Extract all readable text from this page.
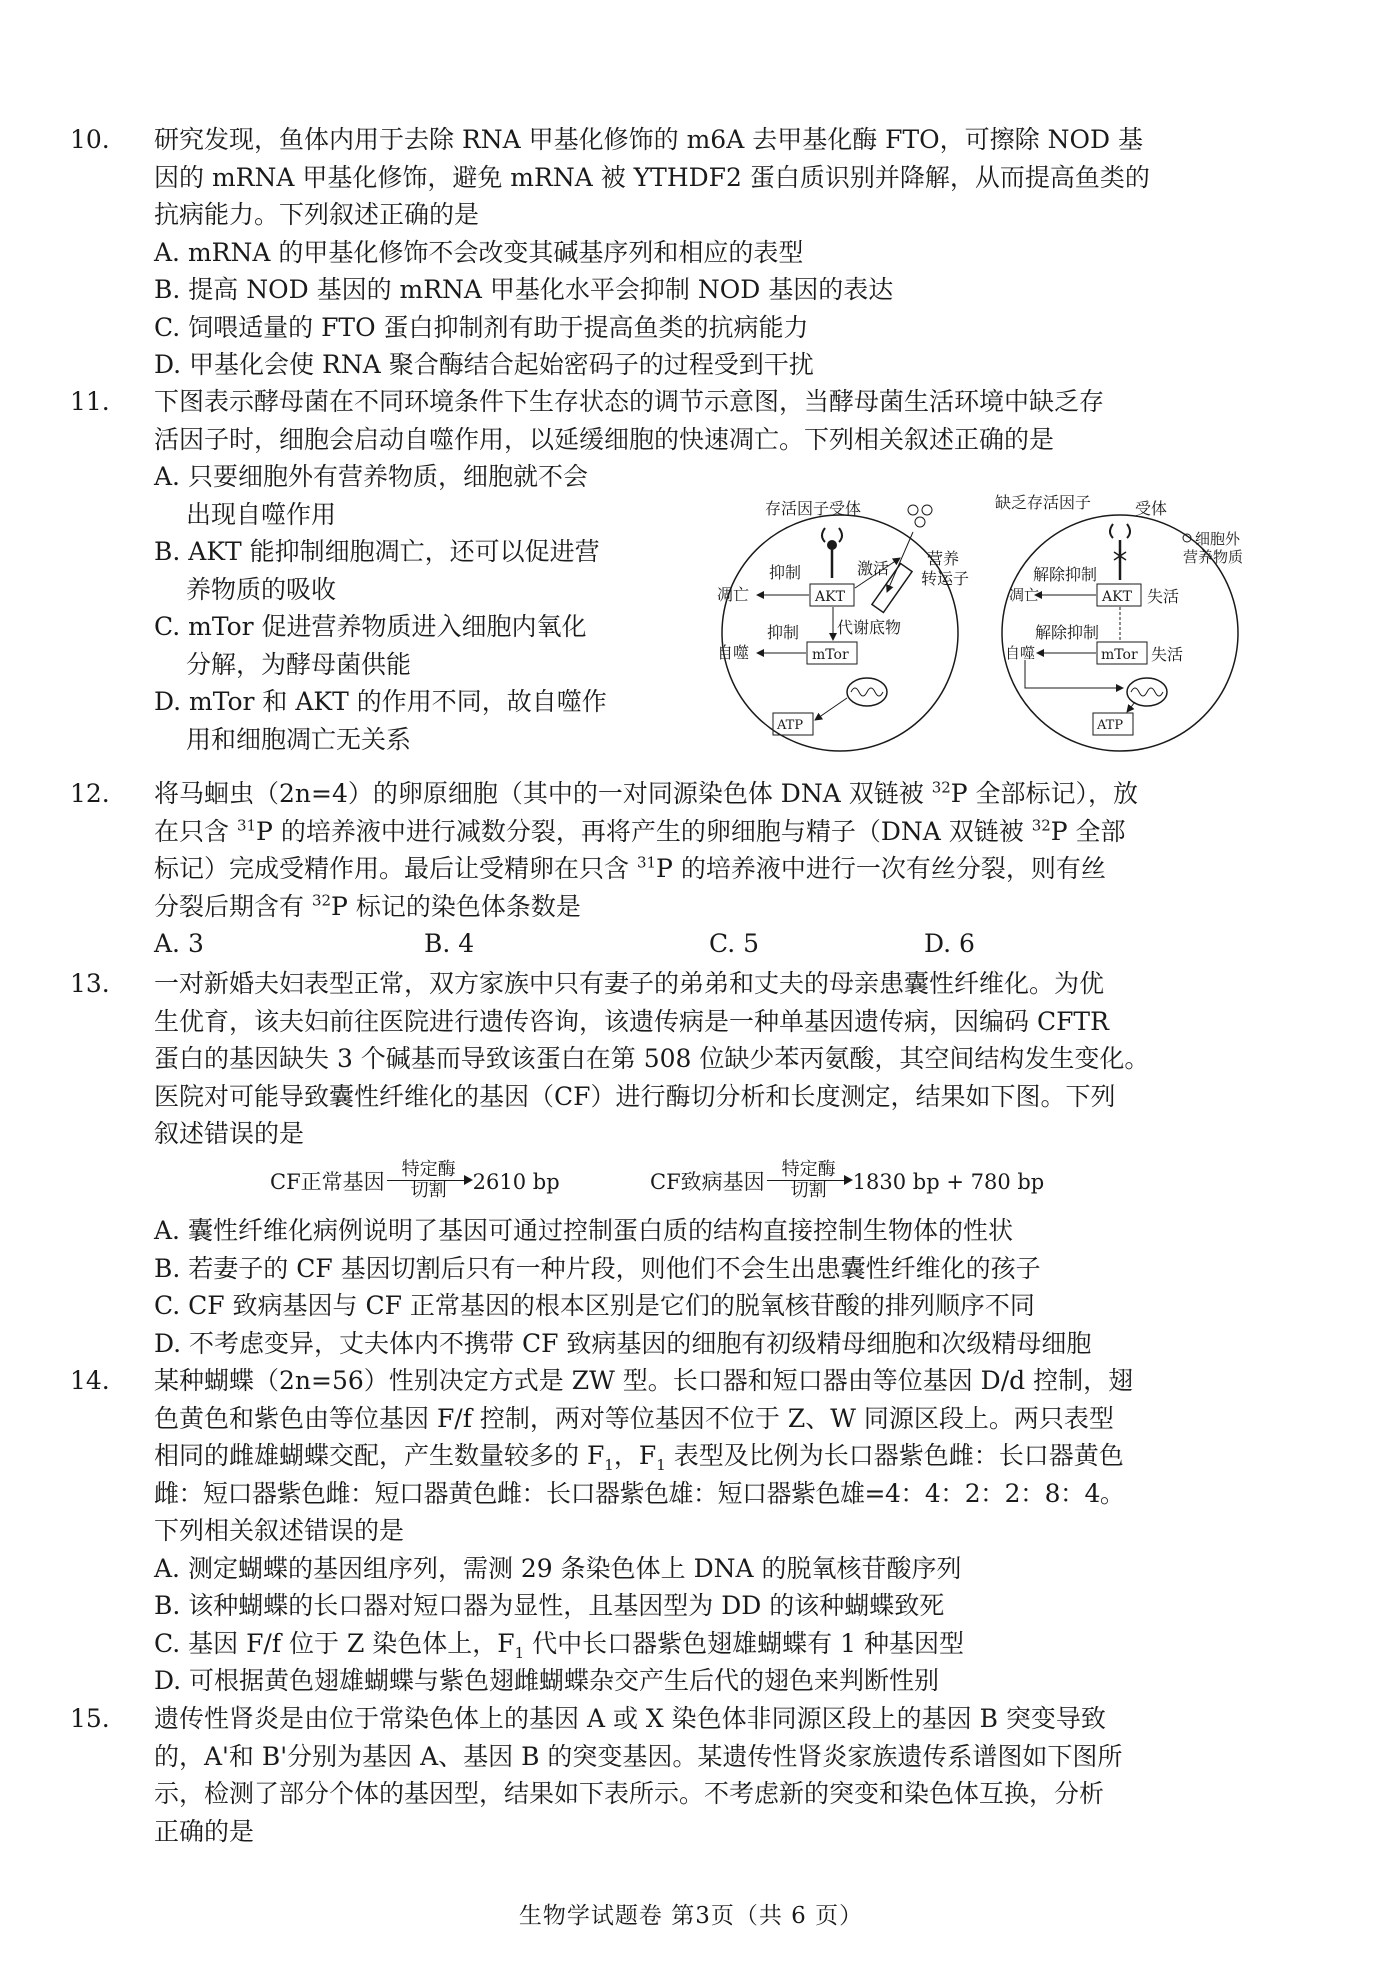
10. 研究发现，鱼体内用于去除 RNA 甲基化修饰的 m6A 去甲基化酶 FTO，可擦除 NOD 基
因的 mRNA 甲基化修饰，避免 mRNA 被 YTHDF2 蛋白质识别并降解，从而提高鱼类的
抗病能力。下列叙述正确的是

A. mRNA 的甲基化修饰不会改变其碱基序列和相应的表型

B. 提高 NOD 基因的 mRNA 甲基化水平会抑制 NOD 基因的表达

C. 饲喂适量的 FTO 蛋白抑制剂有助于提高鱼类的抗病能力

D. 甲基化会使 RNA 聚合酶结合起始密码子的过程受到干扰

11. 下图表示酵母菌在不同环境条件下生存状态的调节示意图，当酵母菌生活环境中缺乏存
活因子时，细胞会启动自噬作用，以延缓细胞的快速凋亡。下列相关叙述正确的是

A. 只要细胞外有营养物质，细胞就不会
出现自噬作用
B. AKT 能抑制细胞凋亡，还可以促进营
养物质的吸收
C. mTor 促进营养物质进入细胞内氧化
分解，为酵母菌供能
D. mTor 和 AKT 的作用不同，故自噬作
用和细胞凋亡无关系
存活因子受体
AKT
抑制
凋亡
激活
营养
转运子
代谢底物
mTor
抑制
自噬
ATP
缺乏存活因子	受体
细胞外
营养物质
AKT 失活
解除抑制
凋亡
mTor 失活
解除抑制
自噬
ATP

12. 将马蛔虫（2n=4）的卵原细胞（其中的一对同源染色体 DNA 双链被 $^{32}$P 全部标记），放
在只含 $^{31}$P 的培养液中进行减数分裂，再将产生的卵细胞与精子（DNA 双链被 $^{32}$P 全部
标记）完成受精作用。最后让受精卵在只含 $^{31}$P 的培养液中进行一次有丝分裂，则有丝
分裂后期含有 $^{32}$P 标记的染色体条数是

A. 3	B. 4	C. 5	D. 6

13. 一对新婚夫妇表型正常，双方家族中只有妻子的弟弟和丈夫的母亲患囊性纤维化。为优
生优育，该夫妇前往医院进行遗传咨询，该遗传病是一种单基因遗传病，因编码 CFTR
蛋白的基因缺失 3 个碱基而导致该蛋白在第 508 位缺少苯丙氨酸，其空间结构发生变化。
医院对可能导致囊性纤维化的基因（CF）进行酶切分析和长度测定，结果如下图。下列
叙述错误的是

CF正常基因
特定酶
切割 2610 bp	CF致病基因
特定酶
切割 1830 bp + 780 bp

A. 囊性纤维化病例说明了基因可通过控制蛋白质的结构直接控制生物体的性状

B. 若妻子的 CF 基因切割后只有一种片段，则他们不会生出患囊性纤维化的孩子

C. CF 致病基因与 CF 正常基因的根本区别是它们的脱氧核苷酸的排列顺序不同

D. 不考虑变异，丈夫体内不携带 CF 致病基因的细胞有初级精母细胞和次级精母细胞

14. 某种蝴蝶（2n=56）性别决定方式是 ZW 型。长口器和短口器由等位基因 D/d 控制，翅
色黄色和紫色由等位基因 F/f 控制，两对等位基因不位于 Z、W 同源区段上。两只表型
相同的雌雄蝴蝶交配，产生数量较多的 $F_1$，$F_1$ 表型及比例为长口器紫色雌：长口器黄色
雌：短口器紫色雌：短口器黄色雌：长口器紫色雄：短口器紫色雄=4：4：2：2：8：4。
下列相关叙述错误的是

A. 测定蝴蝶的基因组序列，需测 29 条染色体上 DNA 的脱氧核苷酸序列

B. 该种蝴蝶的长口器对短口器为显性，且基因型为 DD 的该种蝴蝶致死

C. 基因 F/f 位于 Z 染色体上，$F_1$ 代中长口器紫色翅雄蝴蝶有 1 种基因型

D. 可根据黄色翅雄蝴蝶与紫色翅雌蝴蝶杂交产生后代的翅色来判断性别

15. 遗传性肾炎是由位于常染色体上的基因 A 或 X 染色体非同源区段上的基因 B 突变导致
的，A'和 B'分别为基因 A、基因 B 的突变基因。某遗传性肾炎家族遗传系谱图如下图所
示，检测了部分个体的基因型，结果如下表所示。不考虑新的突变和染色体互换，分析
正确的是

生物学试题卷 第3页（共 6 页）
